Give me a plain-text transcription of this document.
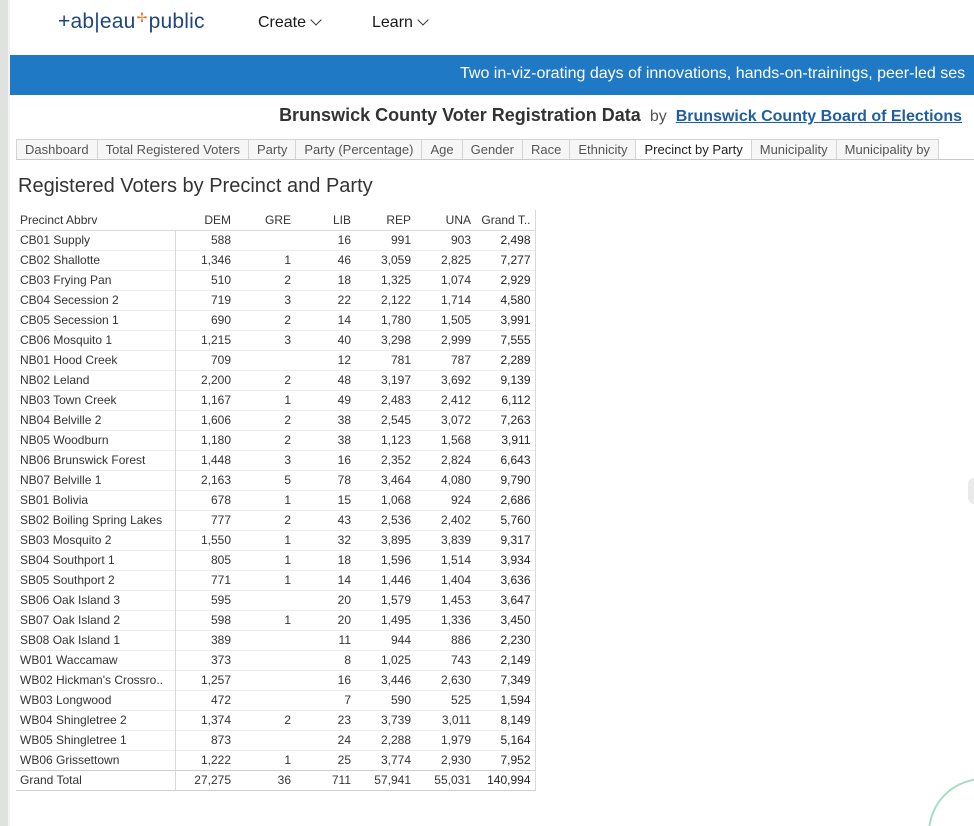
+ab|eau✢public	Create	Learn
Two in-viz-orating days of innovations, hands-on-trainings, peer-led ses
Brunswick County Voter Registration Data by Brunswick County Board of Elections
Dashboard Total Registered Voters Party Party (Percentage) Age Gender Race Ethnicity Precinct by Party Municipality Municipality by
Registered Voters by Precinct and Party
Precinct Abbrv	DEM	GRE	LIB	REP	UNA	Grand T..
CB01 Supply	588		16	991	903	2,498
CB02 Shallotte	1,346	1	46	3,059	2,825	7,277
CB03 Frying Pan	510	2	18	1,325	1,074	2,929
CB04 Secession 2	719	3	22	2,122	1,714	4,580
CB05 Secession 1	690	2	14	1,780	1,505	3,991
CB06 Mosquito 1	1,215	3	40	3,298	2,999	7,555
NB01 Hood Creek	709		12	781	787	2,289
NB02 Leland	2,200	2	48	3,197	3,692	9,139
NB03 Town Creek	1,167	1	49	2,483	2,412	6,112
NB04 Belville 2	1,606	2	38	2,545	3,072	7,263
NB05 Woodburn	1,180	2	38	1,123	1,568	3,911
NB06 Brunswick Forest	1,448	3	16	2,352	2,824	6,643
NB07 Belville 1	2,163	5	78	3,464	4,080	9,790
SB01 Bolivia	678	1	15	1,068	924	2,686
SB02 Boiling Spring Lakes	777	2	43	2,536	2,402	5,760
SB03 Mosquito 2	1,550	1	32	3,895	3,839	9,317
SB04 Southport 1	805	1	18	1,596	1,514	3,934
SB05 Southport 2	771	1	14	1,446	1,404	3,636
SB06 Oak Island 3	595		20	1,579	1,453	3,647
SB07 Oak Island 2	598	1	20	1,495	1,336	3,450
SB08 Oak Island 1	389		11	944	886	2,230
WB01 Waccamaw	373		8	1,025	743	2,149
WB02 Hickman's Crossro..	1,257		16	3,446	2,630	7,349
WB03 Longwood	472		7	590	525	1,594
WB04 Shingletree 2	1,374	2	23	3,739	3,011	8,149
WB05 Shingletree 1	873		24	2,288	1,979	5,164
WB06 Grissettown	1,222	1	25	3,774	2,930	7,952
Grand Total	27,275	36	711	57,941	55,031	140,994
